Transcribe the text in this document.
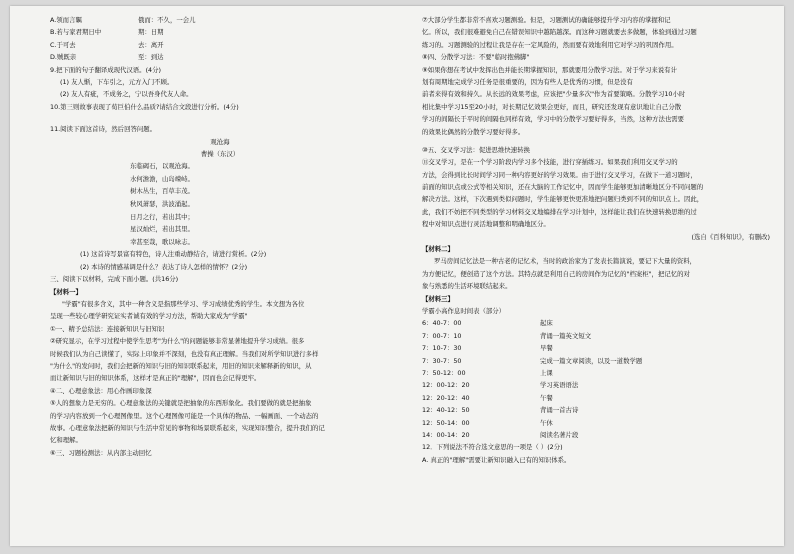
A.领而言瞩	俄而：不久，一会儿
B.若与家君期日中	期：日期
C.于可去	去：离开
D.贼既亲	至：到达
9.把下面的句子翻译成现代汉语。(4分)
(1) 友人惭，下车引之，元方入门不顾。
(2) 友人有疵，不成务之，宁以吾身代友人命。
10.第三则故事表现了荀巨伯什么品质?请结合文段进行分析。(4分)
11.阅读下面这首诗，然后回答问题。
观沧海
曹操（东汉）
东临碣石，以观沧海。
水何澹澹，山岛竦峙。
树木丛生，百草丰茂。
秋风萧瑟，洪波涌起。
日月之行，若出其中；
星汉灿烂，若出其里。
幸甚至哉，歌以咏志。
(1) 这首诗写景富有特色，诗人注重动静结合，请进行赏析。(2分)
(2) 本诗的情感基调是什么？表达了诗人怎样的情怀？(2分)
三、阅读下以材料，完成下面小题。(共16分)
【材料一】
"学霸"有很多含义，其中一种含义是指那些学习、学习成绩优秀的学生。本文想为各位
呈现一些较心理学研究证实者诚有效的学习方法，帮助大家成为"学霸"
①一、精予总结法：连接新知识与旧知识
②研究显示，在学习过程中使学生思考"为什么"的问题能够非常显著地提升学习成绩。很多
时候我们认为自己读懂了，实际上印象并不深刻，也没有真正理解。当我们对所学知识进行多样
"为什么"的发问时，我们会把新的知识与旧的知识联系起来，用旧的知识来解释新的知识，从
而让新知识与旧的知识体系，这样才是真正的"理解"，因而也会记得更牢。
④二、心理意象法：用心作画印象深
⑤人的想象力是无穷的。心理意象法的关键就是把抽象的东西形象化。我们要做的就是把抽象
的学习内容放到一个心理图像里。这个心理图像可能是一个具体的物品、一幅画面、一个动态的
故事。心理意象法把新的知识与生活中常见的事物和场景联系起来，实现知识整合，提升我们的记
忆和理解。
⑥三、习题检测法：从内部主动回忆
⑦大部分学生都非常不喜欢习题测验。但是，习题测试的确能够提升学习内容的掌握和记
忆。所以，我们很难避免自己在错误知识中越陷越深。而这种习题就要去多做题，体验到通过习题
练习的。习题测验的过程让我是存在一定风险的，然而要有效地利用它对学习的巩固作用。
⑧四、分散学习法：不要"临时抱佛脚"
⑨如果你想在考试中发挥出色并能长期掌握知识，那就要用分散学习法。对于学习来说有计
划有周期地完成学习任务是很重要的，因为有些人是优秀的习惯，但是没有
前者来得有效和持久。从长远的效果考虑，应该把"少量多次"作为首要策略。分散学习10小时
相比集中学习15至20小时，对长期记忆效果会更好，而且，研究还发现有意识地让自己分散
学习的间隔长于平时的间隔也同样有效，学习中的分散学习要好得多，当然，这种方法也需要
的效果比偶然的分散学习要好得多。
⑩五、交叉学习法：促进思维快速转换
⑪交叉学习，是在一个学习阶段内学习多个技能，进行穿插练习。如果我们利用交叉学习的
方法，会得到比长时间学习同一种内容更好的学习效果。由于进行交叉学习，在做下一道习题时，
前面的知识点或公式等相关知识，还在大脑的工作记忆中，因而学生能够更加清晰地区分不同问题的
解决方法。这样，下次遇到类似问题时，学生能够更快更准地把问题归类到不同的知识点上。因此，
此，我们不妨把不同类型的学习材料交叉地编排在学习计划中，这样能让我们在快速转换思维的过
程中对知识点进行灵活地调整和明确地区分。
(选自《百科知识》，有删改)
【材料二】
罗马房间记忆法是一种古老的记忆术，当时的政治家为了发表长篇演说，要记下大量的资料，
为方便记忆，便创造了这个方法。其特点就是利用自己的房间作为记忆的"档案柜"，把记忆的对
象与熟悉的生活环境联结起来。
【材料三】
学霸小高作息时间表（部分）
6：40-7：00	起床
7：00-7：10	背诵一篇英文短文
7：10-7：30	早餐
7：30-7：50	完成一篇文章阅读，以及一道数学题
7：50-12：00	上课
12：00-12：20	学习英语语法
12：20-12：40	午餐
12：40-12：50	背诵一首古诗
12：50-14：00	午休
14：00-14：20	阅读名著片段
12．下列说法不符合选文意思的一项是（ ）(2分)
A. 真正的"理解"需要让新知识融入已有的知识体系。
